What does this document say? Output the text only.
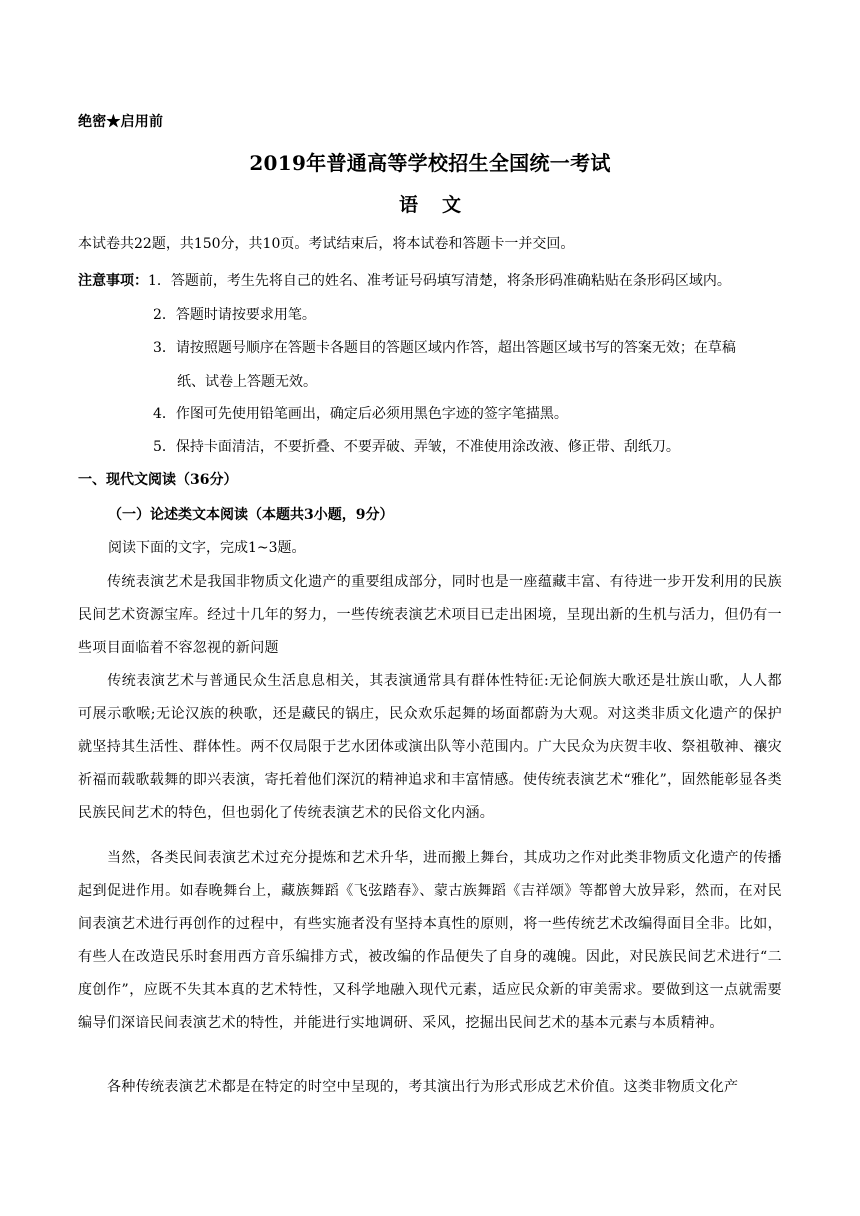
绝密★启用前
2019年普通高等学校招生全国统一考试
语文
本试卷共22题，共150分，共10页。考试结束后，将本试卷和答题卡一并交回。
注意事项：1．答题前，考生先将自己的姓名、准考证号码填写清楚，将条形码准确粘贴在条形码区域内。
2．答题时请按要求用笔。
3．请按照题号顺序在答题卡各题目的答题区域内作答，超出答题区域书写的答案无效；在草稿
纸、试卷上答题无效。
4．作图可先使用铅笔画出，确定后必须用黑色字迹的签字笔描黑。
5．保持卡面清洁，不要折叠、不要弄破、弄皱，不准使用涂改液、修正带、刮纸刀。
一、现代文阅读（36分）
（一）论述类文本阅读（本题共3小题，9分）
阅读下面的文字，完成1~3题。
传统表演艺术是我国非物质文化遗产的重要组成部分，同时也是一座蕴藏丰富、有待进一步开发利用的民族民间艺术资源宝库。经过十几年的努力，一些传统表演艺术项目已走出困境，呈现出新的生机与活力，但仍有一些项目面临着不容忽视的新问题
传统表演艺术与普通民众生活息息相关，其表演通常具有群体性特征:无论侗族大歌还是壮族山歌，人人都可展示歌喉;无论汉族的秧歌，还是藏民的锅庄，民众欢乐起舞的场面都蔚为大观。对这类非质文化遗产的保护就坚持其生活性、群体性。两不仅局限于艺水团体或演出队等小范围内。广大民众为庆贺丰收、祭祖敬神、禳灾祈福而载歌载舞的即兴表演，寄托着他们深沉的精神追求和丰富情感。使传统表演艺术“雅化”，固然能彰显各类民族民间艺术的特色，但也弱化了传统表演艺术的民俗文化内涵。
当然，各类民间表演艺术过充分提炼和艺术升华，进而搬上舞台，其成功之作对此类非物质文化遗产的传播起到促进作用。如春晚舞台上，藏族舞蹈《飞弦踏春》、蒙古族舞蹈《吉祥颂》等都曾大放异彩，然而，在对民间表演艺术进行再创作的过程中，有些实施者没有坚持本真性的原则，将一些传统艺术改编得面目全非。比如，有些人在改造民乐时套用西方音乐编排方式，被改编的作品便失了自身的魂魄。因此，对民族民间艺术进行“二度创作”，应既不失其本真的艺术特性，又科学地融入现代元素，适应民众新的审美需求。要做到这一点就需要编导们深谙民间表演艺术的特性，并能进行实地调研、采风，挖掘出民间艺术的基本元素与本质精神。
各种传统表演艺术都是在特定的时空中呈现的，考其演出行为形式形成艺术价值。这类非物质文化产
